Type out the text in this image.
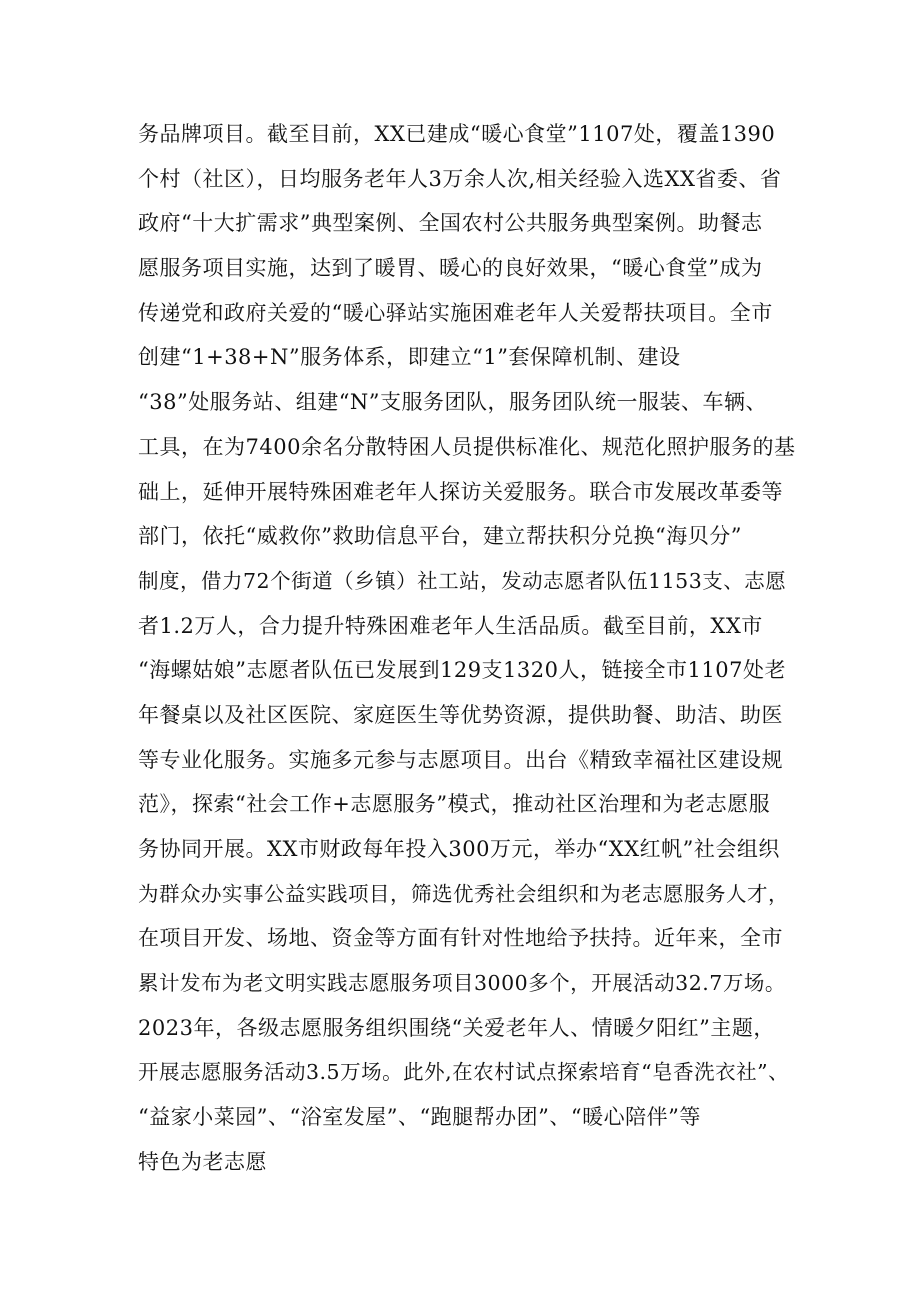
务品牌项目。截至目前，XX已建成“暖心食堂”1107处，覆盖1390
个村（社区），日均服务老年人3万余人次,相关经验入选XX省委、省
政府“十大扩需求”典型案例、全国农村公共服务典型案例。助餐志
愿服务项目实施，达到了暖胃、暖心的良好效果，“暖心食堂”成为
传递党和政府关爱的“暖心驿站实施困难老年人关爱帮扶项目。全市
创建“1+38+N”服务体系，即建立“1”套保障机制、建设
“38”处服务站、组建“N”支服务团队，服务团队统一服装、车辆、
工具，在为7400余名分散特困人员提供标准化、规范化照护服务的基
础上，延伸开展特殊困难老年人探访关爱服务。联合市发展改革委等
部门，依托“威救你”救助信息平台，建立帮扶积分兑换“海贝分”
制度，借力72个街道（乡镇）社工站，发动志愿者队伍1153支、志愿
者1.2万人，合力提升特殊困难老年人生活品质。截至目前，XX市
“海螺姑娘”志愿者队伍已发展到129支1320人，链接全市1107处老
年餐桌以及社区医院、家庭医生等优势资源，提供助餐、助洁、助医
等专业化服务。实施多元参与志愿项目。出台《精致幸福社区建设规
范》，探索“社会工作+志愿服务”模式，推动社区治理和为老志愿服
务协同开展。XX市财政每年投入300万元，举办“XX红帆”社会组织
为群众办实事公益实践项目，筛选优秀社会组织和为老志愿服务人才，
在项目开发、场地、资金等方面有针对性地给予扶持。近年来，全市
累计发布为老文明实践志愿服务项目3000多个，开展活动32.7万场。
2023年，各级志愿服务组织围绕“关爱老年人、情暖夕阳红”主题，
开展志愿服务活动3.5万场。此外,在农村试点探索培育“皂香洗衣社”、
“益家小菜园”、“浴室发屋”、“跑腿帮办团”、“暖心陪伴”等
特色为老志愿
